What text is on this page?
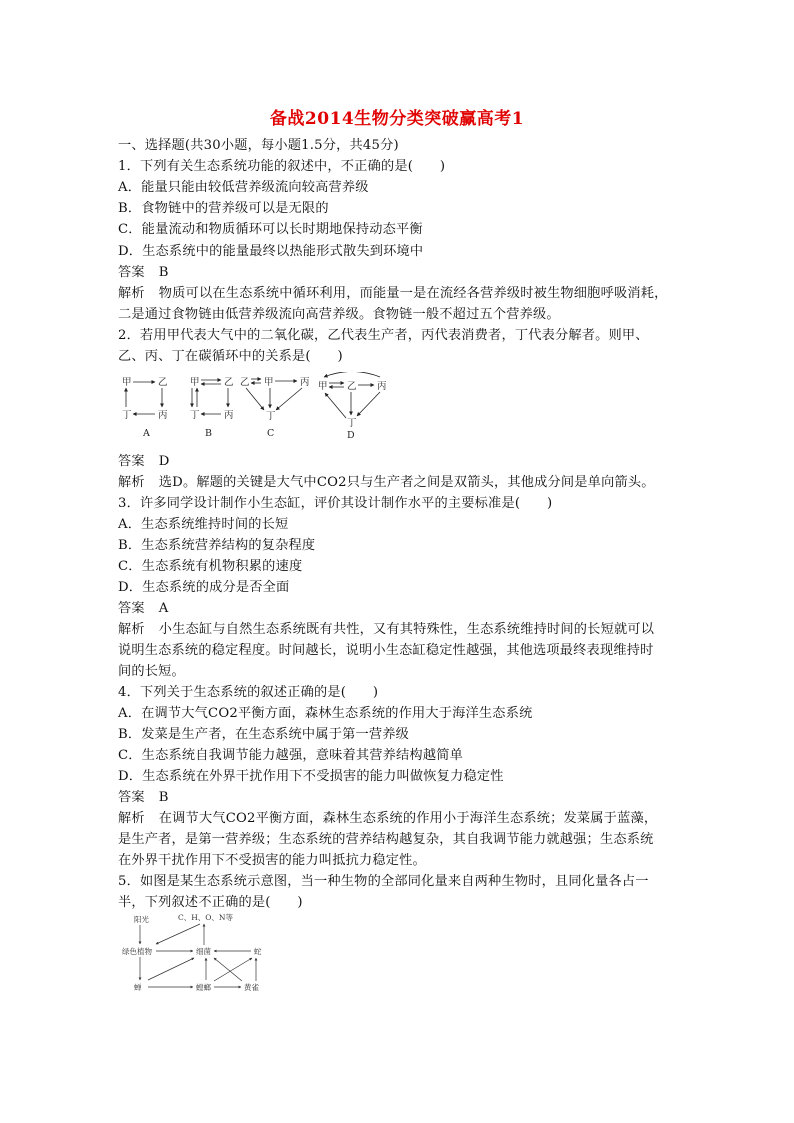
备战2014生物分类突破赢高考1
一、选择题(共30小题，每小题1.5分，共45分)
1．下列有关生态系统功能的叙述中，不正确的是(　　)
A．能量只能由较低营养级流向较高营养级
B．食物链中的营养级可以是无限的
C．能量流动和物质循环可以长时期地保持动态平衡
D．生态系统中的能量最终以热能形式散失到环境中
答案 B
解析 物质可以在生态系统中循环利用，而能量一是在流经各营养级时被生物细胞呼吸消耗，
二是通过食物链由低营养级流向高营养级。食物链一般不超过五个营养级。
2．若用甲代表大气中的二氧化碳，乙代表生产者，丙代表消费者，丁代表分解者。则甲、
乙、丙、丁在碳循环中的关系是(　　)
甲	乙
丁	丙
A
甲	乙
丁	丙
B
乙 甲	丙
丁
C
甲 乙 丙
丁
D
答案 D
解析 选D。解题的关键是大气中CO2只与生产者之间是双箭头，其他成分间是单向箭头。
3．许多同学设计制作小生态缸，评价其设计制作水平的主要标准是(　　)
A．生态系统维持时间的长短
B．生态系统营养结构的复杂程度
C．生态系统有机物积累的速度
D．生态系统的成分是否全面
答案 A
解析 小生态缸与自然生态系统既有共性，又有其特殊性，生态系统维持时间的长短就可以
说明生态系统的稳定程度。时间越长，说明小生态缸稳定性越强，其他选项最终表现维持时
间的长短。
4．下列关于生态系统的叙述正确的是(　　)
A．在调节大气CO2平衡方面，森林生态系统的作用大于海洋生态系统
B．发菜是生产者，在生态系统中属于第一营养级
C．生态系统自我调节能力越强，意味着其营养结构越简单
D．生态系统在外界干扰作用下不受损害的能力叫做恢复力稳定性
答案 B
解析 在调节大气CO2平衡方面，森林生态系统的作用小于海洋生态系统；发菜属于蓝藻，
是生产者，是第一营养级；生态系统的营养结构越复杂，其自我调节能力就越强；生态系统
在外界干扰作用下不受损害的能力叫抵抗力稳定性。
5．如图是某生态系统示意图，当一种生物的全部同化量来自两种生物时，且同化量各占一
半，下列叙述不正确的是(　　)
阳光	C、H、O、N等
绿色植物	细菌	蛇
蝉	螳螂	黄雀
